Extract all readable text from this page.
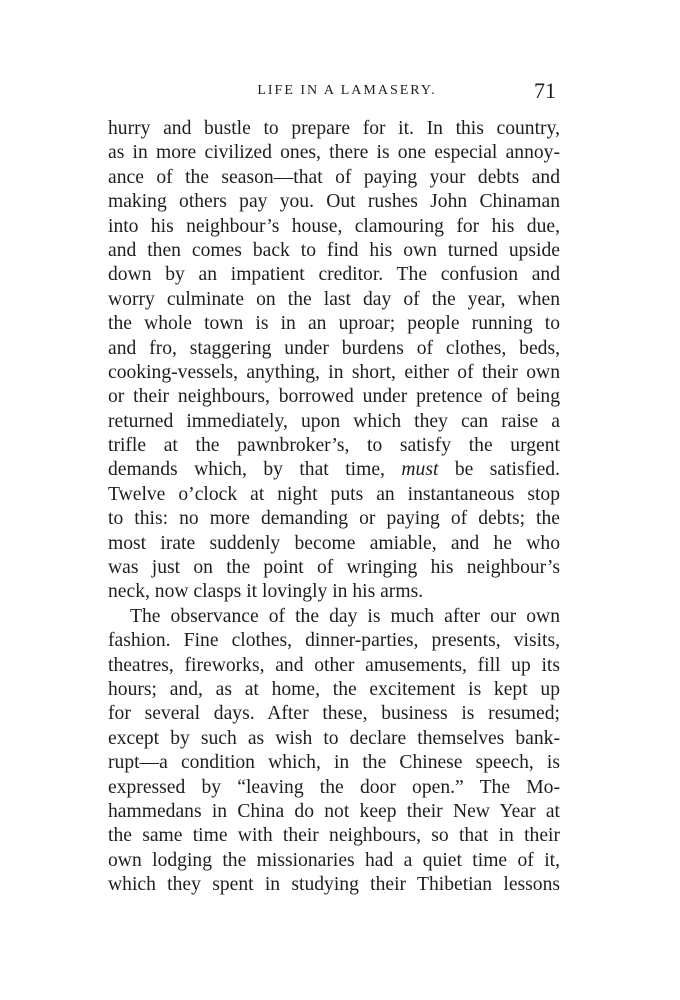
LIFE IN A LAMASERY.	71
hurry and bustle to prepare for it. In this country,
as in more civilized ones, there is one especial annoy-
ance of the season—that of paying your debts and
making others pay you. Out rushes John Chinaman
into his neighbour’s house, clamouring for his due,
and then comes back to find his own turned upside
down by an impatient creditor. The confusion and
worry culminate on the last day of the year, when
the whole town is in an uproar; people running to
and fro, staggering under burdens of clothes, beds,
cooking-vessels, anything, in short, either of their own
or their neighbours, borrowed under pretence of being
returned immediately, upon which they can raise a
trifle at the pawnbroker’s, to satisfy the urgent
demands which, by that time, must be satisfied.
Twelve o’clock at night puts an instantaneous stop
to this: no more demanding or paying of debts; the
most irate suddenly become amiable, and he who
was just on the point of wringing his neighbour’s
neck, now clasps it lovingly in his arms.
The observance of the day is much after our own
fashion. Fine clothes, dinner-parties, presents, visits,
theatres, fireworks, and other amusements, fill up its
hours; and, as at home, the excitement is kept up
for several days. After these, business is resumed;
except by such as wish to declare themselves bank-
rupt—a condition which, in the Chinese speech, is
expressed by “leaving the door open.” The Mo-
hammedans in China do not keep their New Year at
the same time with their neighbours, so that in their
own lodging the missionaries had a quiet time of it,
which they spent in studying their Thibetian lessons
